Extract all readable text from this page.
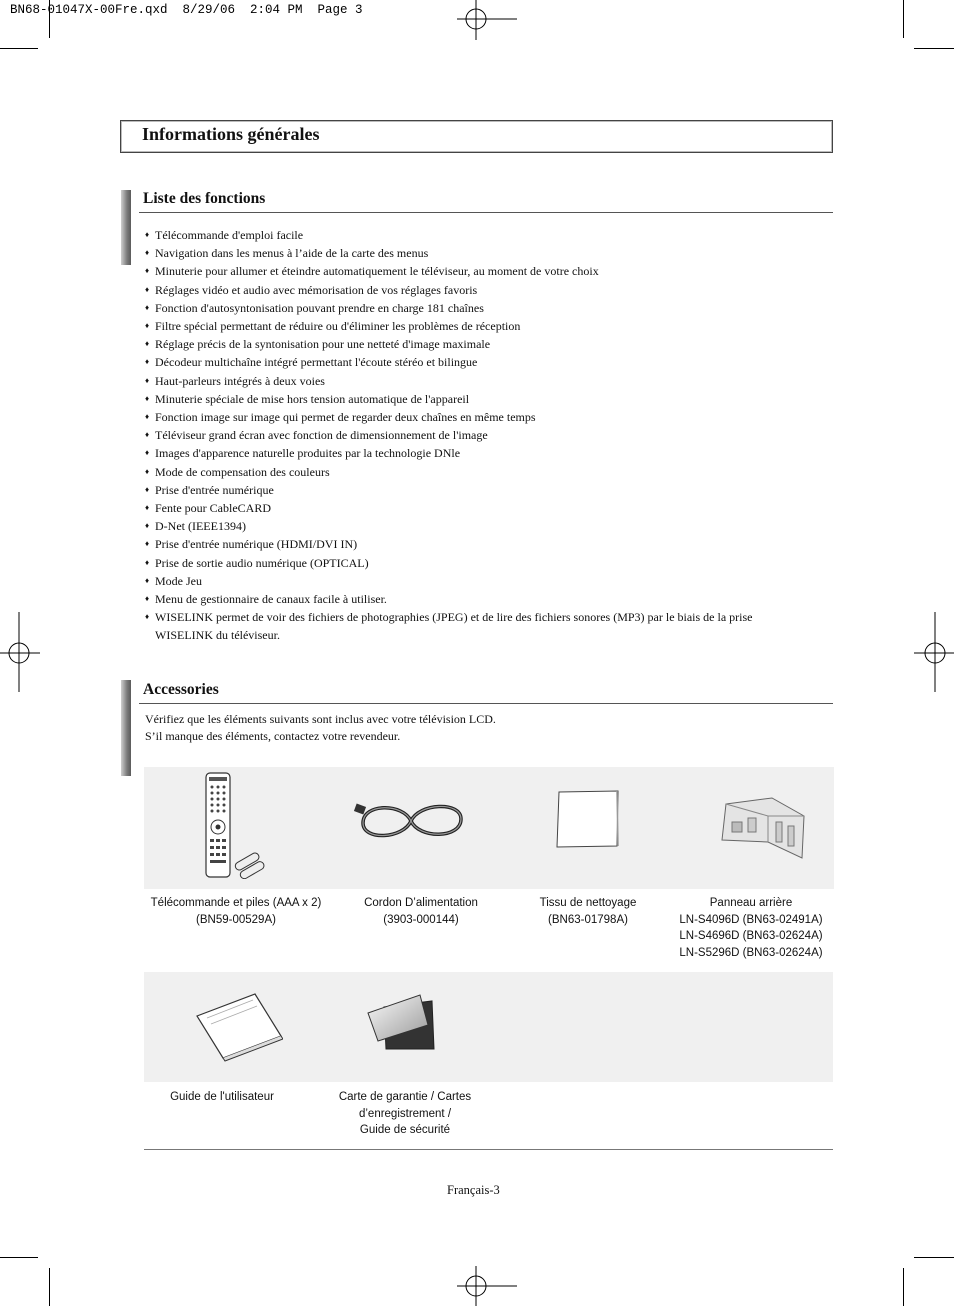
BN68-01047X-00Fre.qxd  8/29/06  2:04 PM  Page 3
Informations générales
Liste des fonctions
♦ Télécommande d'emploi facile
♦ Navigation dans les menus à l’aide de la carte des menus
♦ Minuterie pour allumer et éteindre automatiquement le téléviseur, au moment de votre choix
♦ Réglages vidéo et audio avec mémorisation de vos réglages favoris
♦ Fonction d'autosyntonisation pouvant prendre en charge 181 chaînes
♦ Filtre spécial permettant de réduire ou d'éliminer les problèmes de réception
♦ Réglage précis de la syntonisation pour une netteté d'image maximale
♦ Décodeur multichaîne intégré permettant l'écoute stéréo et bilingue
♦ Haut-parleurs intégrés à deux voies
♦ Minuterie spéciale de mise hors tension automatique de l'appareil
♦ Fonction image sur image qui permet de regarder deux chaînes en même temps
♦ Téléviseur grand écran avec fonction de dimensionnement de l'image
♦ Images d'apparence naturelle produites par la technologie DNle
♦ Mode de compensation des couleurs
♦ Prise d'entrée numérique
♦ Fente pour CableCARD
♦ D-Net (IEEE1394)
♦ Prise d'entrée numérique (HDMI/DVI IN)
♦ Prise de sortie audio numérique (OPTICAL)
♦ Mode Jeu
♦ Menu de gestionnaire de canaux facile à utiliser.
♦ WISELINK permet de voir des fichiers de photographies (JPEG) et de lire des fichiers sonores (MP3) par le biais de la prise WISELINK du téléviseur.
Accessories
Vérifiez que les éléments suivants sont inclus avec votre télévision LCD.
S’il manque des éléments, contactez votre revendeur.
Télécommande et piles (AAA x 2)
(BN59-00529A)
Cordon D’alimentation
(3903-000144)
Tissu de nettoyage
(BN63-01798A)
Panneau arrière
LN-S4096D (BN63-02491A)
LN-S4696D (BN63-02624A)
LN-S5296D (BN63-02624A)
Guide de l'utilisateur	Carte de garantie / Cartes
d’enregistrement /
Guide de sécurité
Français-3
